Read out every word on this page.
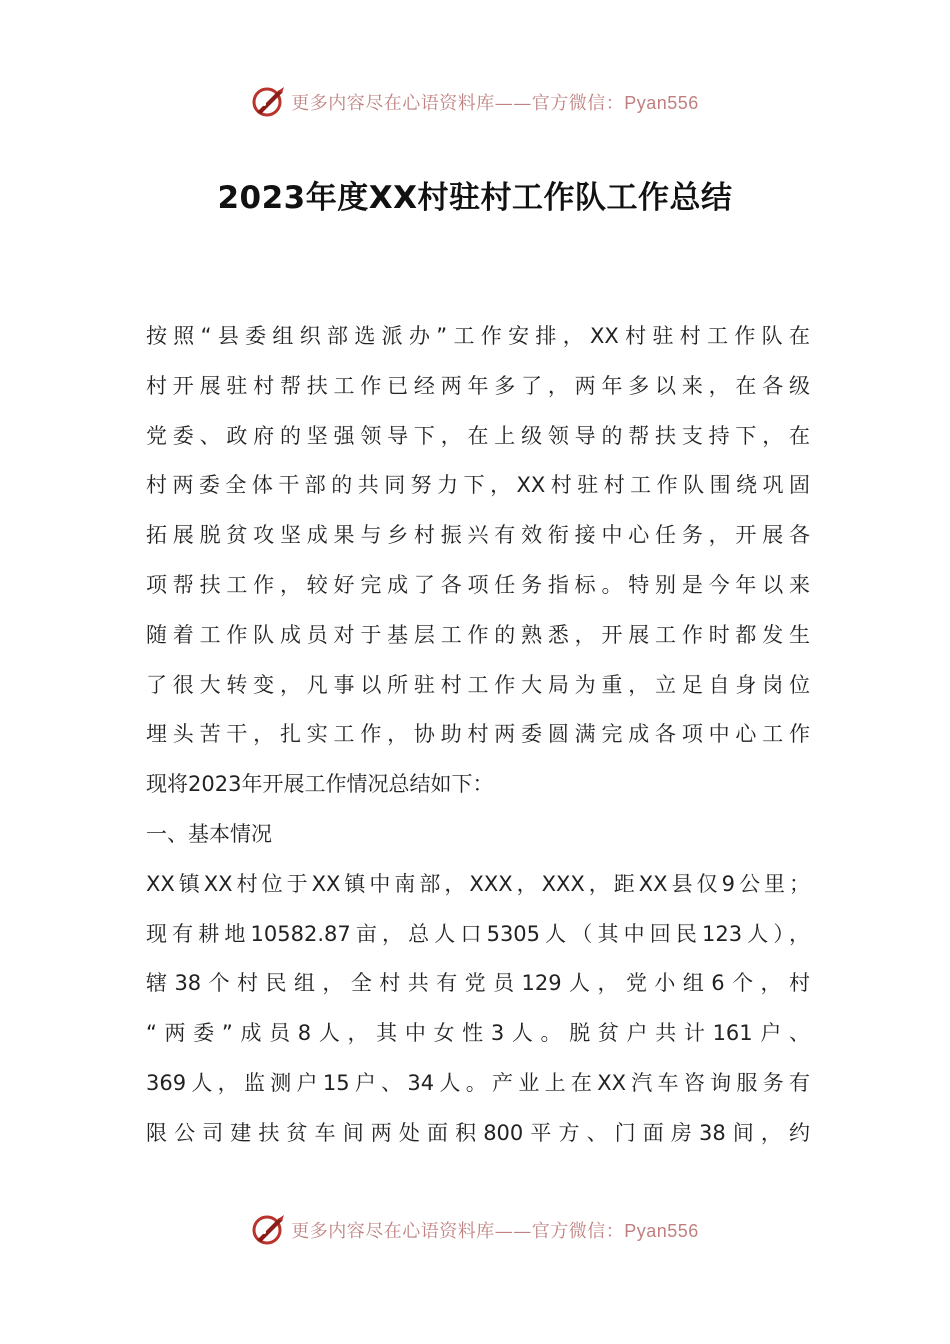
更多内容尽在心语资料库——官方微信：Pyan556
2023年度XX村驻村工作队工作总结
按照“县委组织部选派办”工作安排，XX村驻村工作队在
村开展驻村帮扶工作已经两年多了，两年多以来，在各级
党委、政府的坚强领导下，在上级领导的帮扶支持下，在
村两委全体干部的共同努力下，XX村驻村工作队围绕巩固
拓展脱贫攻坚成果与乡村振兴有效衔接中心任务，开展各
项帮扶工作，较好完成了各项任务指标。特别是今年以来
随着工作队成员对于基层工作的熟悉，开展工作时都发生
了很大转变，凡事以所驻村工作大局为重，立足自身岗位
埋头苦干，扎实工作，协助村两委圆满完成各项中心工作
现将2023年开展工作情况总结如下：
一、基本情况
XX镇XX村位于XX镇中南部，XXX，XXX，距XX县仅9公里；
现有耕地10582.87亩，总人口5305人（其中回民123人），
辖38个村民组，全村共有党员129人，党小组6个，村
“两委”成员8人，其中女性3人。脱贫户共计161户、
369人，监测户15户、34人。产业上在XX汽车咨询服务有
限公司建扶贫车间两处面积800平方、门面房38间，约
更多内容尽在心语资料库——官方微信：Pyan556
